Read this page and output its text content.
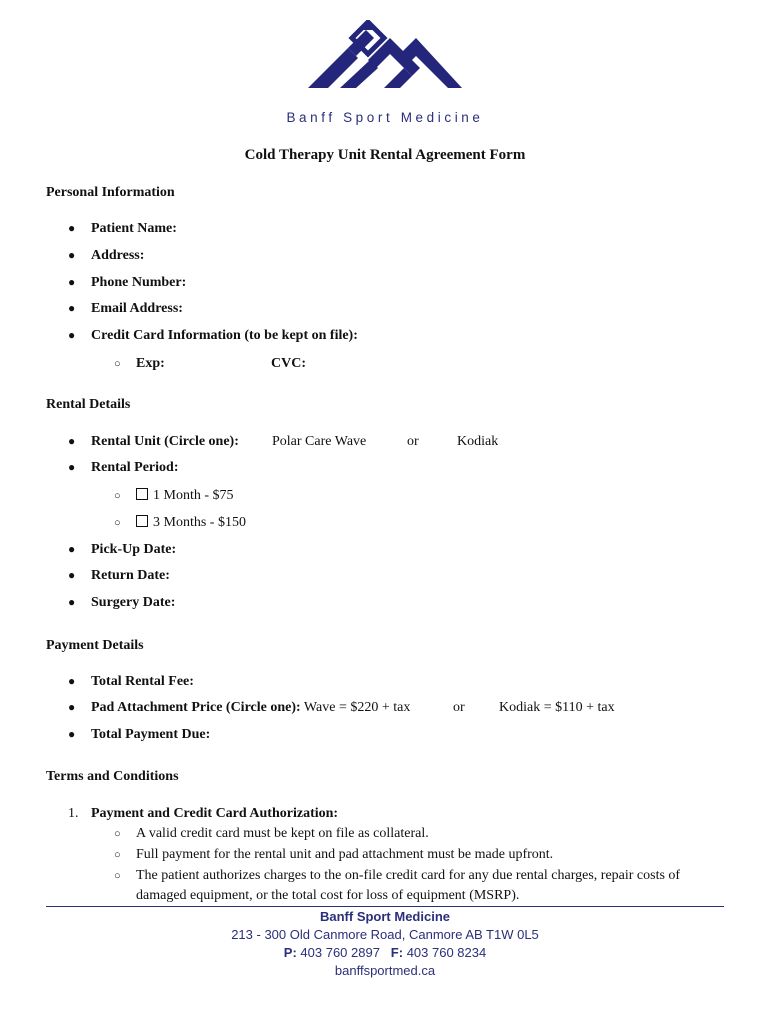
Banff Sport Medicine
Cold Therapy Unit Rental Agreement Form
Personal Information
● Patient Name:
● Address:
● Phone Number:
● Email Address:
● Credit Card Information (to be kept on file):
○ Exp:	CVC:
Rental Details
● Rental Unit (Circle one): Polar Care Wave	or	Kodiak
● Rental Period:
○ 1 Month - $75
○ 3 Months - $150
● Pick-Up Date:
● Return Date:
● Surgery Date:
Payment Details
● Total Rental Fee:
● Pad Attachment Price (Circle one): Wave = $220 + tax	or Kodiak = $110 + tax
● Total Payment Due:
Terms and Conditions
1. Payment and Credit Card Authorization:
○ A valid credit card must be kept on file as collateral.
○ Full payment for the rental unit and pad attachment must be made upfront.
○ The patient authorizes charges to the on-file credit card for any due rental charges, repair costs of
damaged equipment, or the total cost for loss of equipment (MSRP).
Banff Sport Medicine
213 - 300 Old Canmore Road, Canmore AB T1W 0L5
P: 403 760 2897 F: 403 760 8234
banffsportmed.ca
